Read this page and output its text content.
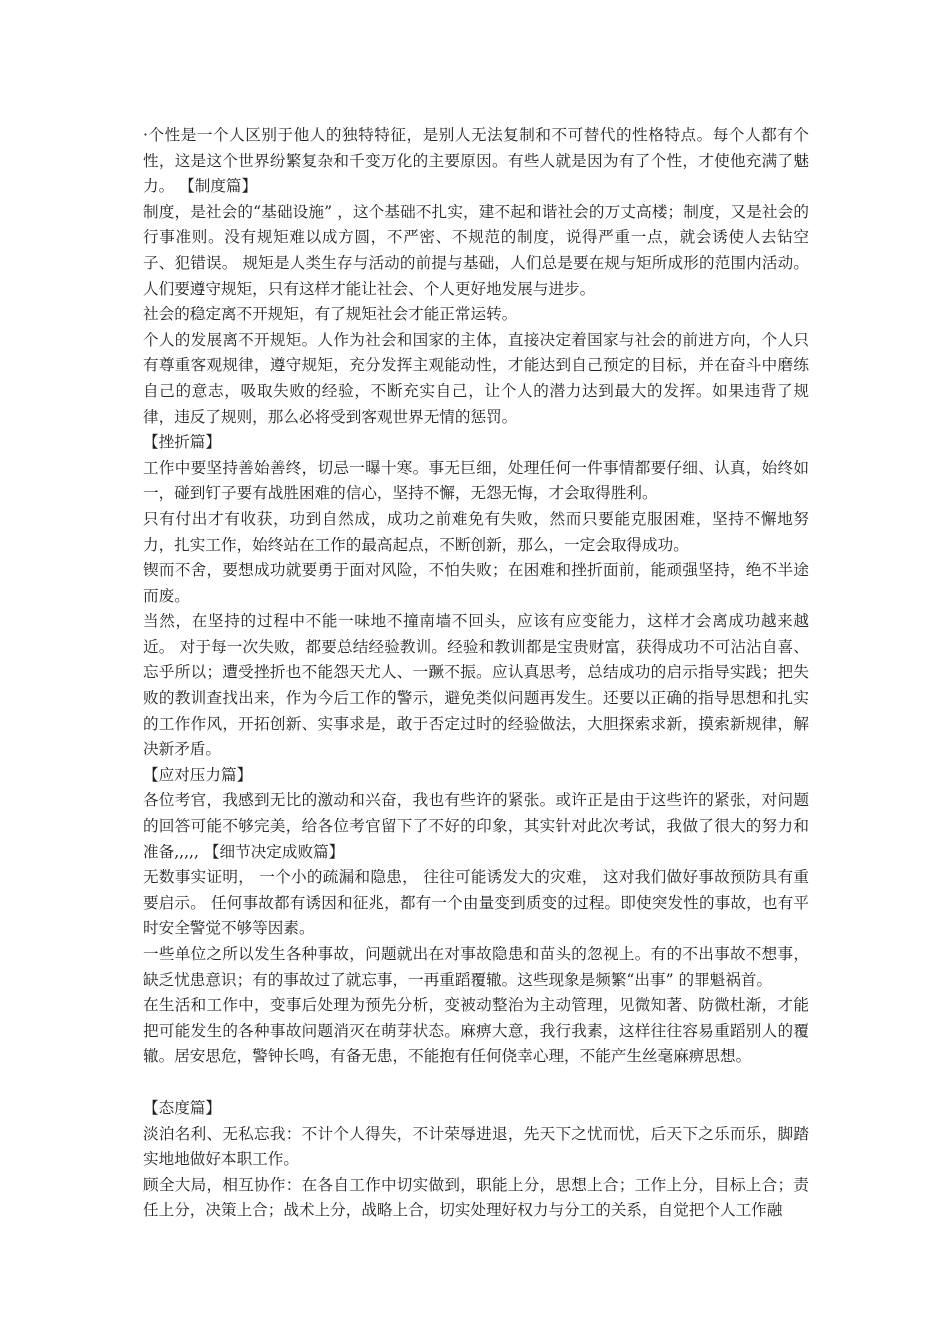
·个性是一个人区别于他人的独特特征，是别人无法复制和不可替代的性格特点。每个人都有个性，这是这个世界纷繁复杂和千变万化的主要原因。有些人就是因为有了个性，才使他充满了魅力。 【制度篇】

制度，是社会的“基础设施” ，这个基础不扎实，建不起和谐社会的万丈高楼；制度，又是社会的行事准则。没有规矩难以成方圆，不严密、不规范的制度，说得严重一点，就会诱使人去钻空子、犯错误。 规矩是人类生存与活动的前提与基础，人们总是要在规与矩所成形的范围内活动。人们要遵守规矩，只有这样才能让社会、个人更好地发展与进步。

社会的稳定离不开规矩，有了规矩社会才能正常运转。

个人的发展离不开规矩。人作为社会和国家的主体，直接决定着国家与社会的前进方向，个人只有尊重客观规律，遵守规矩，充分发挥主观能动性，才能达到自己预定的目标，并在奋斗中磨练自己的意志，吸取失败的经验，不断充实自己，让个人的潜力达到最大的发挥。如果违背了规律，违反了规则，那么必将受到客观世界无情的惩罚。

【挫折篇】

工作中要坚持善始善终，切忌一曝十寒。事无巨细，处理任何一件事情都要仔细、认真，始终如一，碰到钉子要有战胜困难的信心，坚持不懈，无怨无悔，才会取得胜利。

只有付出才有收获，功到自然成，成功之前难免有失败，然而只要能克服困难，坚持不懈地努力，扎实工作，始终站在工作的最高起点，不断创新，那么，一定会取得成功。

锲而不舍，要想成功就要勇于面对风险，不怕失败；在困难和挫折面前，能顽强坚持，绝不半途而废。

当然，在坚持的过程中不能一味地不撞南墙不回头，应该有应变能力，这样才会离成功越来越近。 对于每一次失败，都要总结经验教训。经验和教训都是宝贵财富，获得成功不可沾沾自喜、忘乎所以；遭受挫折也不能怨天尤人、一蹶不振。应认真思考，总结成功的启示指导实践；把失败的教训查找出来，作为今后工作的警示，避免类似问题再发生。还要以正确的指导思想和扎实的工作作风，开拓创新、实事求是，敢于否定过时的经验做法，大胆探索求新，摸索新规律，解决新矛盾。

【应对压力篇】

各位考官，我感到无比的激动和兴奋，我也有些许的紧张。或许正是由于这些许的紧张，对问题的回答可能不够完美，给各位考官留下了不好的印象，其实针对此次考试，我做了很大的努力和准备,,,,, 【细节决定成败篇】

无数事实证明， 一个小的疏漏和隐患， 往往可能诱发大的灾难， 这对我们做好事故预防具有重要启示。 任何事故都有诱因和征兆，都有一个由量变到质变的过程。即使突发性的事故，也有平时安全警觉不够等因素。

一些单位之所以发生各种事故，问题就出在对事故隐患和苗头的忽视上。有的不出事故不想事，缺乏忧患意识；有的事故过了就忘事，一再重蹈覆辙。这些现象是频繁“出事” 的罪魁祸首。

在生活和工作中，变事后处理为预先分析，变被动整治为主动管理，见微知著、防微杜渐，才能把可能发生的各种事故问题消灭在萌芽状态。麻痹大意，我行我素，这样往往容易重蹈别人的覆辙。居安思危，警钟长鸣，有备无患，不能抱有任何侥幸心理，不能产生丝毫麻痹思想。

【态度篇】

淡泊名利、无私忘我：不计个人得失，不计荣辱进退，先天下之忧而忧，后天下之乐而乐，脚踏实地地做好本职工作。

顾全大局，相互协作：在各自工作中切实做到，职能上分，思想上合；工作上分，目标上合；责任上分，决策上合；战术上分，战略上合，切实处理好权力与分工的关系，自觉把个人工作融
